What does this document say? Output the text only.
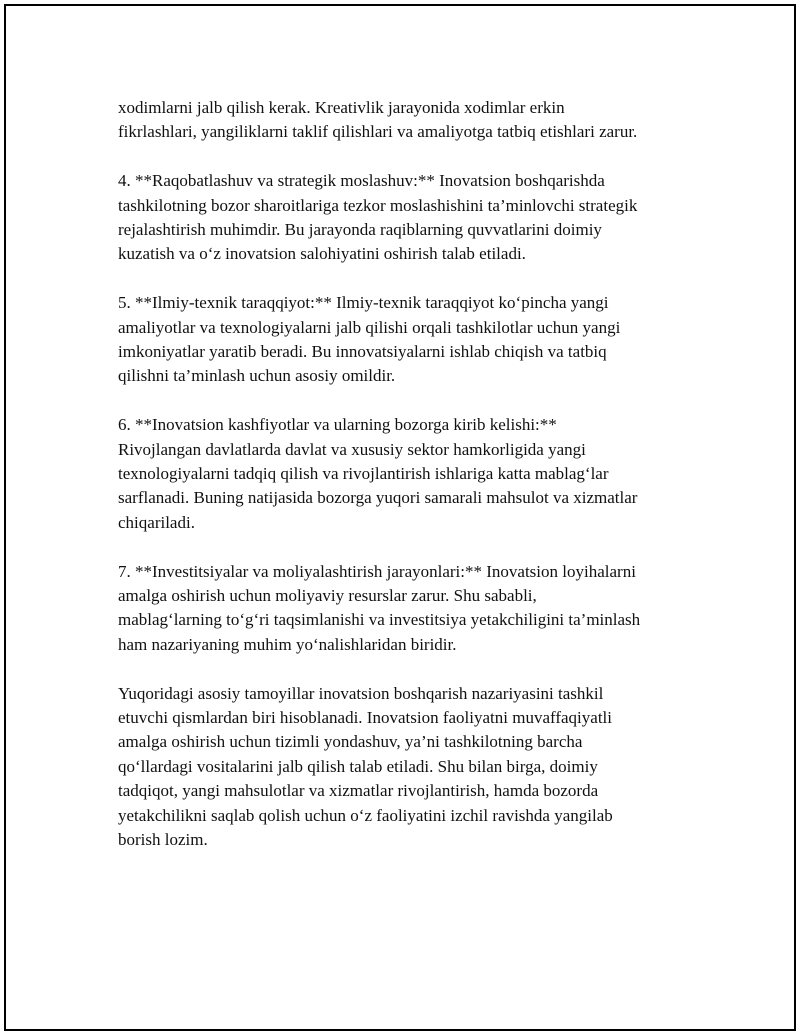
xodimlarni jalb qilish kerak. Kreativlik jarayonida xodimlar erkin
fikrlashlari, yangiliklarni taklif qilishlari va amaliyotga tatbiq etishlari zarur.

4. **Raqobatlashuv va strategik moslashuv:** Inovatsion boshqarishda
tashkilotning bozor sharoitlariga tezkor moslashishini ta’minlovchi strategik
rejalashtirish muhimdir. Bu jarayonda raqiblarning quvvatlarini doimiy
kuzatish va o‘z inovatsion salohiyatini oshirish talab etiladi.

5. **Ilmiy-texnik taraqqiyot:** Ilmiy-texnik taraqqiyot ko‘pincha yangi
amaliyotlar va texnologiyalarni jalb qilishi orqali tashkilotlar uchun yangi
imkoniyatlar yaratib beradi. Bu innovatsiyalarni ishlab chiqish va tatbiq
qilishni ta’minlash uchun asosiy omildir.

6. **Inovatsion kashfiyotlar va ularning bozorga kirib kelishi:**
Rivojlangan davlatlarda davlat va xususiy sektor hamkorligida yangi
texnologiyalarni tadqiq qilish va rivojlantirish ishlariga katta mablag‘lar
sarflanadi. Buning natijasida bozorga yuqori samarali mahsulot va xizmatlar
chiqariladi.

7. **Investitsiyalar va moliyalashtirish jarayonlari:** Inovatsion loyihalarni
amalga oshirish uchun moliyaviy resurslar zarur. Shu sababli,
mablag‘larning to‘g‘ri taqsimlanishi va investitsiya yetakchiligini ta’minlash
ham nazariyaning muhim yo‘nalishlaridan biridir.

Yuqoridagi asosiy tamoyillar inovatsion boshqarish nazariyasini tashkil
etuvchi qismlardan biri hisoblanadi. Inovatsion faoliyatni muvaffaqiyatli
amalga oshirish uchun tizimli yondashuv, ya’ni tashkilotning barcha
qo‘llardagi vositalarini jalb qilish talab etiladi. Shu bilan birga, doimiy
tadqiqot, yangi mahsulotlar va xizmatlar rivojlantirish, hamda bozorda
yetakchilikni saqlab qolish uchun o‘z faoliyatini izchil ravishda yangilab
borish lozim.
